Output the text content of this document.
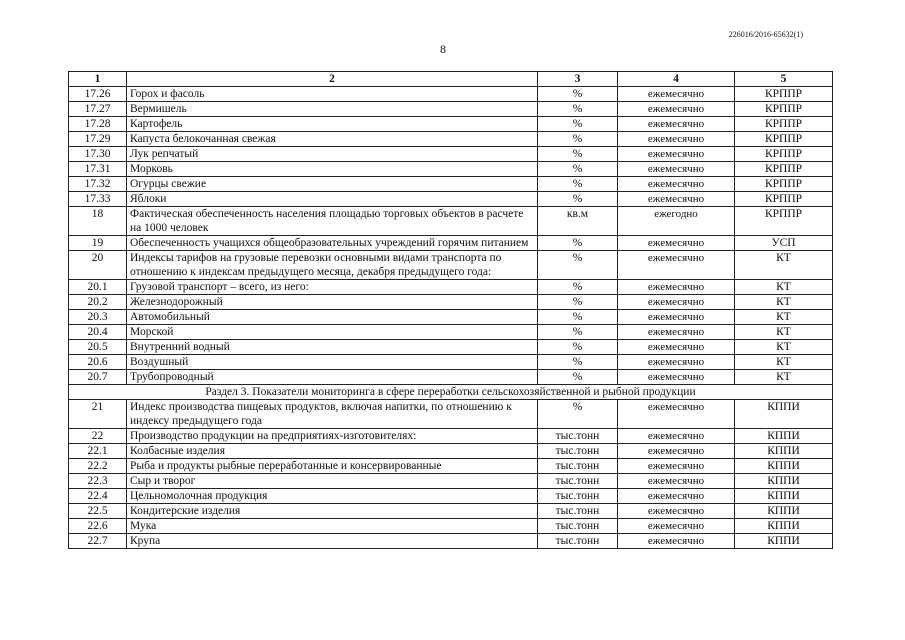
226016/2016-65632(1)
8
1	2	3	4	5
17.26	Горох и фасоль	%	ежемесячно	КРППР
17.27	Вермишель	%	ежемесячно	КРППР
17.28	Картофель	%	ежемесячно	КРППР
17.29	Капуста белокочанная свежая	%	ежемесячно	КРППР
17.30	Лук репчатый	%	ежемесячно	КРППР
17.31	Морковь	%	ежемесячно	КРППР
17.32	Огурцы свежие	%	ежемесячно	КРППР
17.33	Яблоки	%	ежемесячно	КРППР
18	Фактическая обеспеченность населения площадью торговых объектов в расчете на 1000 человек	кв.м	ежегодно	КРППР
19	Обеспеченность учащихся общеобразовательных учреждений горячим питанием	%	ежемесячно	УСП
20	Индексы тарифов на грузовые перевозки основными видами транспорта по отношению к индексам предыдущего месяца, декабря предыдущего года:	%	ежемесячно	КТ
20.1	Грузовой транспорт – всего, из него:	%	ежемесячно	КТ
20.2	Железнодорожный	%	ежемесячно	КТ
20.3	Автомобильный	%	ежемесячно	КТ
20.4	Морской	%	ежемесячно	КТ
20.5	Внутренний водный	%	ежемесячно	КТ
20.6	Воздушный	%	ежемесячно	КТ
20.7	Трубопроводный	%	ежемесячно	КТ
Раздел 3. Показатели мониторинга в сфере переработки сельскохозяйственной и рыбной продукции				
21	Индекс производства пищевых продуктов, включая напитки, по отношению к индексу предыдущего года	%	ежемесячно	КППИ
22	Производство продукции на предприятиях-изготовителях:	тыс.тонн	ежемесячно	КППИ
22.1	Колбасные изделия	тыс.тонн	ежемесячно	КППИ
22.2	Рыба и продукты рыбные переработанные и консервированные	тыс.тонн	ежемесячно	КППИ
22.3	Сыр и творог	тыс.тонн	ежемесячно	КППИ
22.4	Цельномолочная продукция	тыс.тонн	ежемесячно	КППИ
22.5	Кондитерские изделия	тыс.тонн	ежемесячно	КППИ
22.6	Мука	тыс.тонн	ежемесячно	КППИ
22.7	Крупа	тыс.тонн	ежемесячно	КППИ
